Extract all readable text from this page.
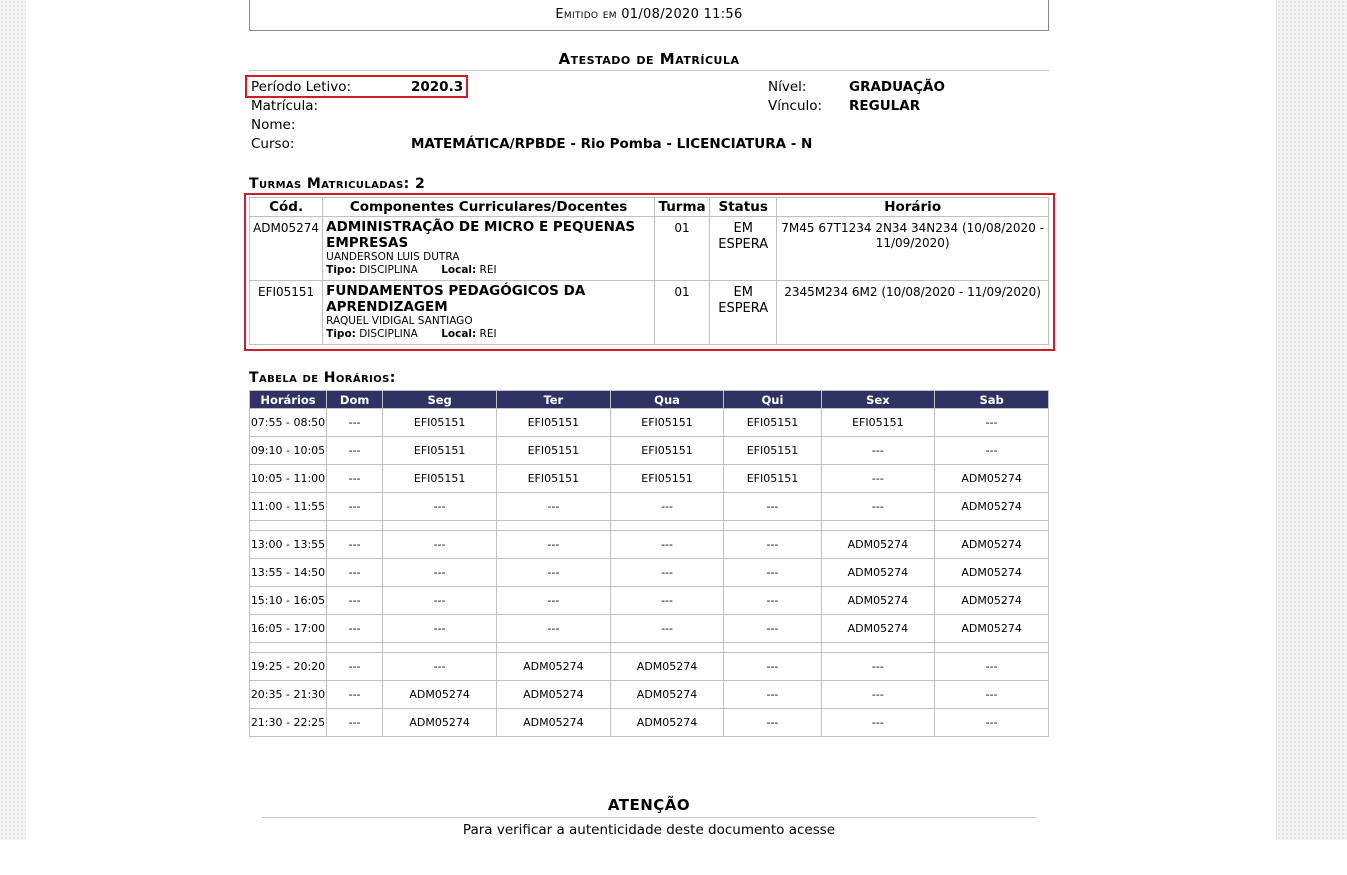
Emitido em 01/08/2020 11:56
Atestado de Matrícula
Período Letivo:	2020.3
Matrícula:
Nome:
Curso:	MATEMÁTICA/RPBDE - Rio Pomba - LICENCIATURA - N
Nível:	GRADUAÇÃO
Vínculo: REGULAR
Turmas Matriculadas: 2
Cód.	Componentes Curriculares/Docentes	Turma	Status	Horário
ADM05274	ADMINISTRAÇÃO DE MICRO E PEQUENAS EMPRESAS
UANDERSON LUIS DUTRA
Tipo: DISCIPLINA Local: REI	01	EM ESPERA	7M45 67T1234 2N34 34N234 (10/08/2020 - 11/09/2020)
EFI05151	FUNDAMENTOS PEDAGÓGICOS DA APRENDIZAGEM
RAQUEL VIDIGAL SANTIAGO
Tipo: DISCIPLINA Local: REI	01	EM ESPERA	2345M234 6M2 (10/08/2020 - 11/09/2020)
Tabela de Horários:
Horários	Dom	Seg	Ter	Qua	Qui	Sex	Sab
07:55 - 08:50	---	EFI05151	EFI05151	EFI05151	EFI05151	EFI05151	---
09:10 - 10:05	---	EFI05151	EFI05151	EFI05151	EFI05151	---	---
10:05 - 11:00	---	EFI05151	EFI05151	EFI05151	EFI05151	---	ADM05274
11:00 - 11:55	---	---	---	---	---	---	ADM05274

13:00 - 13:55	---	---	---	---	---	ADM05274	ADM05274
13:55 - 14:50	---	---	---	---	---	ADM05274	ADM05274
15:10 - 16:05	---	---	---	---	---	ADM05274	ADM05274
16:05 - 17:00	---	---	---	---	---	ADM05274	ADM05274

19:25 - 20:20	---	---	ADM05274	ADM05274	---	---	---
20:35 - 21:30	---	ADM05274	ADM05274	ADM05274	---	---	---
21:30 - 22:25	---	ADM05274	ADM05274	ADM05274	---	---	---
ATENÇÃO
Para verificar a autenticidade deste documento acesse
